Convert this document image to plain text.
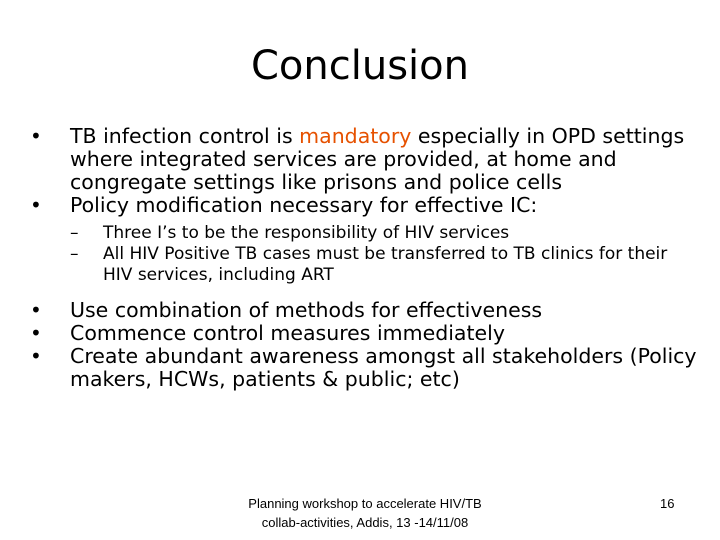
Conclusion
• TB infection control is mandatory especially in OPD settings where integrated services are provided, at home and congregate settings like prisons and police cells
• Policy modification necessary for effective IC:
– Three I’s to be the responsibility of HIV services
– All HIV Positive TB cases must be transferred to TB clinics for their HIV services, including ART
• Use combination of methods for effectiveness
• Commence control measures immediately
• Create abundant awareness amongst all stakeholders (Policy makers, HCWs, patients & public; etc)
Planning workshop to accelerate HIV/TB collab-activities, Addis, 13 -14/11/08
16
